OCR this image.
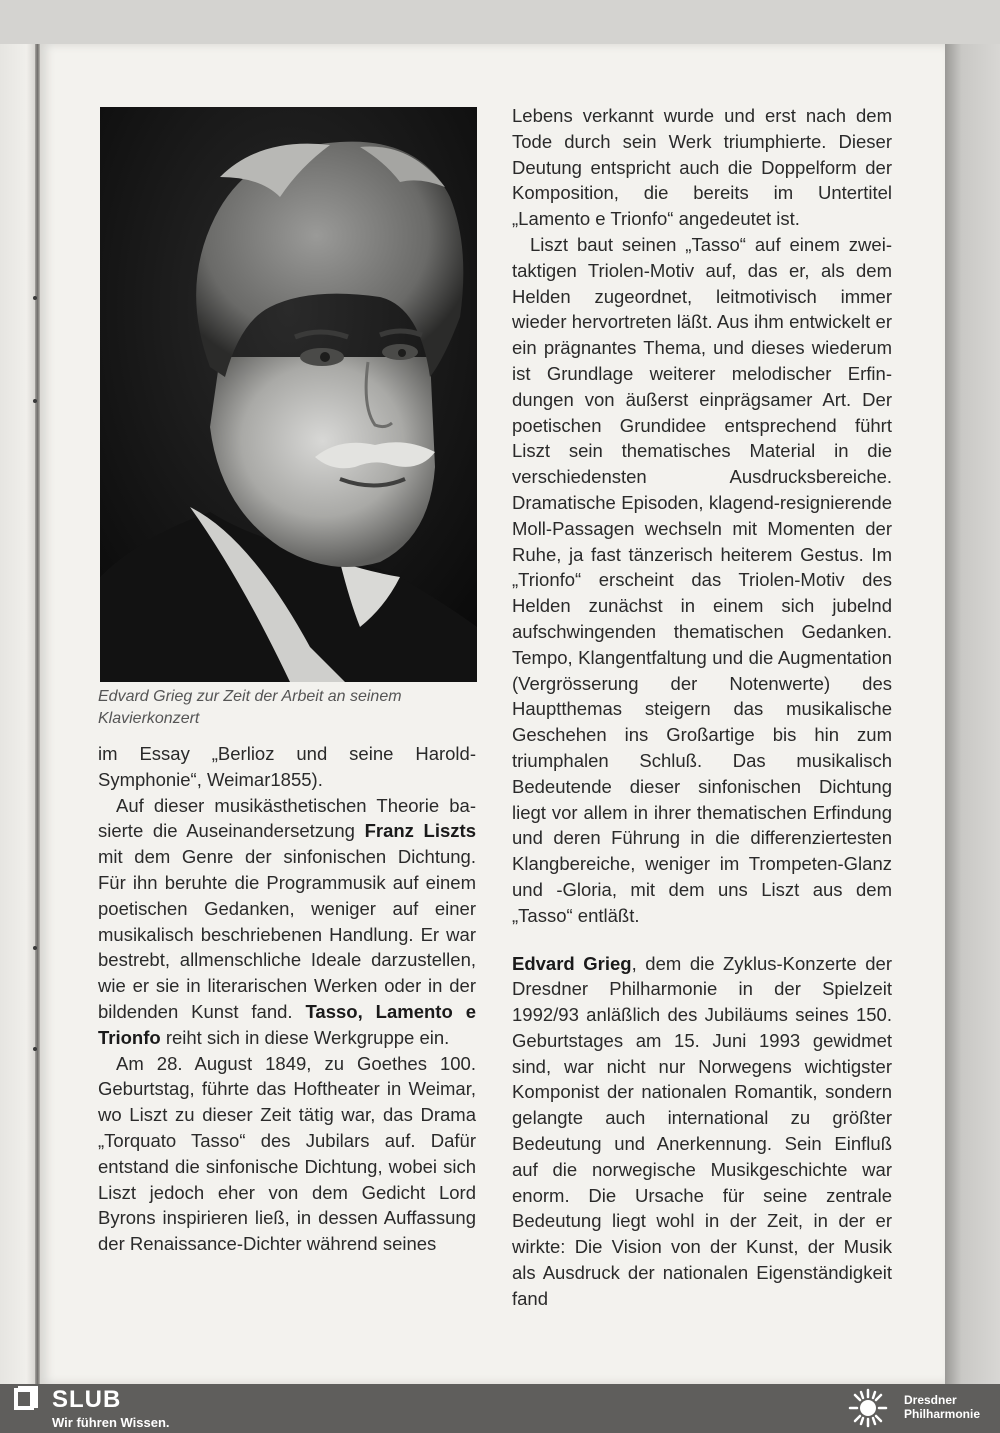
Edvard Grieg zur Zeit der Arbeit an seinem
Klavierkonzert

im Essay „Berlioz und seine Harold-Symphonie“, Weimar1855).

Auf dieser musikästhetischen Theorie basierte die Auseinandersetzung Franz Liszts mit dem Genre der sinfonischen Dichtung. Für ihn beruhte die Programmusik auf einem poetischen Gedanken, weniger auf einer musikalisch beschriebenen Handlung. Er war bestrebt, allmenschliche Ideale darzustellen, wie er sie in literarischen Werken oder in der bildenden Kunst fand. Tasso, Lamento e Trionfo reiht sich in diese Werkgruppe ein.

Am 28. August 1849, zu Goethes 100. Geburtstag, führte das Hoftheater in Weimar, wo Liszt zu dieser Zeit tätig war, das Drama „Torquato Tasso“ des Jubilars auf. Dafür entstand die sinfonische Dichtung, wobei sich Liszt jedoch eher von dem Gedicht Lord Byrons inspirieren ließ, in dessen Auffassung der Renaissance-Dichter während seines

Lebens verkannt wurde und erst nach dem Tode durch sein Werk triumphierte. Dieser Deutung entspricht auch die Doppelform der Komposition, die bereits im Untertitel „Lamento e Trionfo“ angedeutet ist.

Liszt baut seinen „Tasso“ auf einem zweitaktigen Triolen-Motiv auf, das er, als dem Helden zugeordnet, leitmotivisch immer wieder hervortreten läßt. Aus ihm entwickelt er ein prägnantes Thema, und dieses wiederum ist Grundlage weiterer melodischer Erfindungen von äußerst einprägsamer Art. Der poetischen Grundidee entsprechend führt Liszt sein thematisches Material in die verschiedensten Ausdrucksbereiche. Dramatische Episoden, klagend-resignierende Moll-Passagen wechseln mit Momenten der Ruhe, ja fast tänzerisch heiterem Gestus. Im „Trionfo“ erscheint das Triolen-Motiv des Helden zunächst in einem sich jubelnd aufschwingenden thematischen Gedanken. Tempo, Klangentfaltung und die Augmentation (Vergrösserung der Notenwerte) des Hauptthemas steigern das musikalische Geschehen ins Großartige bis hin zum triumphalen Schluß. Das musikalisch Bedeutende dieser sinfonischen Dichtung liegt vor allem in ihrer thematischen Erfindung und deren Führung in die differenziertesten Klangbereiche, weniger im Trompeten-Glanz und -Gloria, mit dem uns Liszt aus dem „Tasso“ entläßt.

Edvard Grieg, dem die Zyklus-Konzerte der Dresdner Philharmonie in der Spielzeit 1992/93 anläßlich des Jubiläums seines 150. Geburtstages am 15. Juni 1993 gewidmet sind, war nicht nur Norwegens wichtigster Komponist der nationalen Romantik, sondern gelangte auch international zu größter Bedeutung und Anerkennung. Sein Einfluß auf die norwegische Musikgeschichte war enorm. Die Ursache für seine zentrale Bedeutung liegt wohl in der Zeit, in der er wirkte: Die Vision von der Kunst, der Musik als Ausdruck der nationalen Eigenständigkeit fand

SLUB
Wir führen Wissen.
Dresdner
Philharmonie
